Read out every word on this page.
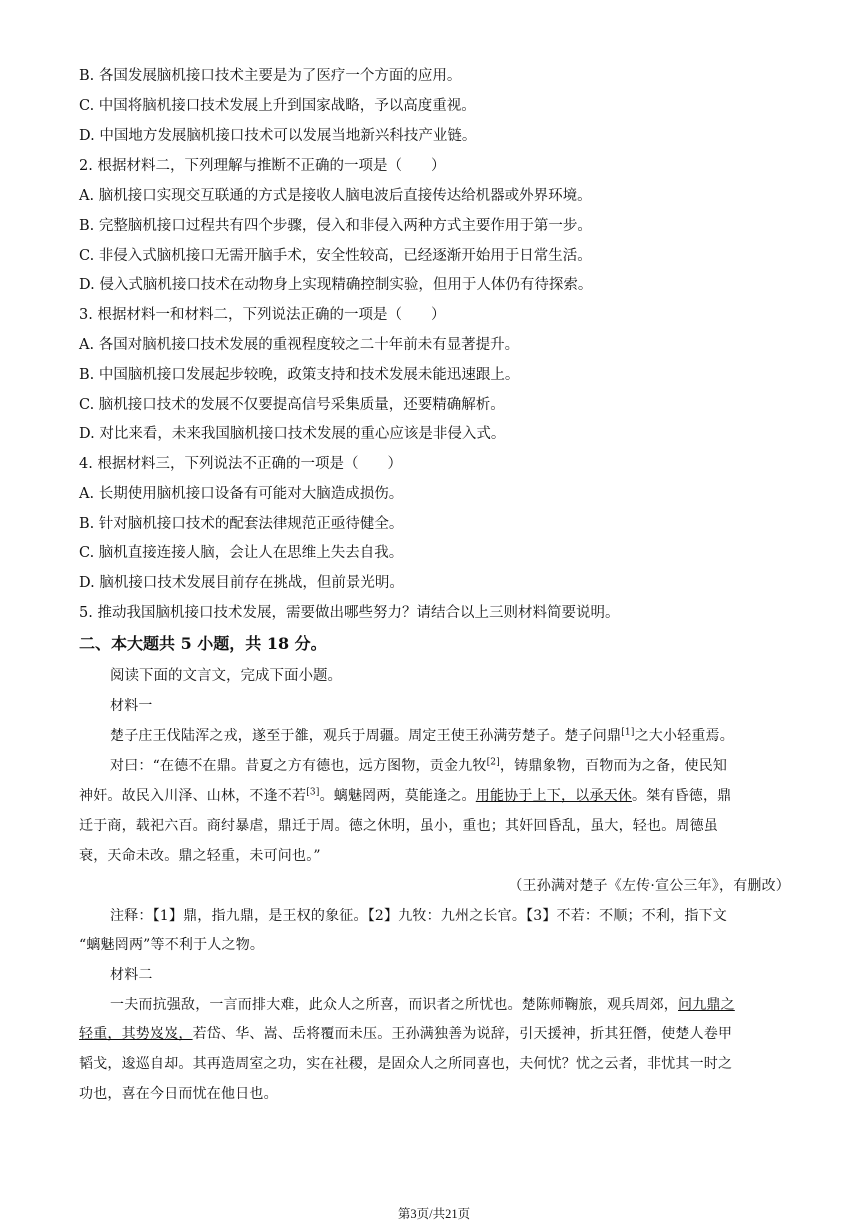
B. 各国发展脑机接口技术主要是为了医疗一个方面的应用。
C. 中国将脑机接口技术发展上升到国家战略，予以高度重视。
D. 中国地方发展脑机接口技术可以发展当地新兴科技产业链。
2. 根据材料二，下列理解与推断不正确的一项是（　　）
A. 脑机接口实现交互联通的方式是接收人脑电波后直接传达给机器或外界环境。
B. 完整脑机接口过程共有四个步骤，侵入和非侵入两种方式主要作用于第一步。
C. 非侵入式脑机接口无需开脑手术，安全性较高，已经逐渐开始用于日常生活。
D. 侵入式脑机接口技术在动物身上实现精确控制实验，但用于人体仍有待探索。
3. 根据材料一和材料二，下列说法正确的一项是（　　）
A. 各国对脑机接口技术发展的重视程度较之二十年前未有显著提升。
B. 中国脑机接口发展起步较晚，政策支持和技术发展未能迅速跟上。
C. 脑机接口技术的发展不仅要提高信号采集质量，还要精确解析。
D. 对比来看，未来我国脑机接口技术发展的重心应该是非侵入式。
4. 根据材料三，下列说法不正确的一项是（　　）
A. 长期使用脑机接口设备有可能对大脑造成损伤。
B. 针对脑机接口技术的配套法律规范正亟待健全。
C. 脑机直接连接人脑，会让人在思维上失去自我。
D. 脑机接口技术发展目前存在挑战，但前景光明。
5. 推动我国脑机接口技术发展，需要做出哪些努力？请结合以上三则材料简要说明。
二、本大题共 5 小题，共 18 分。
阅读下面的文言文，完成下面小题。
材料一
楚子庄王伐陆浑之戎，遂至于雒，观兵于周疆。周定王使王孙满劳楚子。楚子问鼎[1]之大小轻重焉。
对曰：“在德不在鼎。昔夏之方有德也，远方图物，贡金九牧[2]，铸鼎象物，百物而为之备，使民知
神奸。故民入川泽、山林，不逢不若[3]。螭魅罔两，莫能逢之。用能协于上下，以承天休。桀有昏德，鼎
迁于商，载祀六百。商纣暴虐，鼎迁于周。德之休明，虽小，重也；其奸回昏乱，虽大，轻也。周德虽
衰，天命未改。鼎之轻重，未可问也。”
（王孙满对楚子《左传·宣公三年》，有删改）
注释：【1】鼎，指九鼎，是王权的象征。【2】九牧：九州之长官。【3】不若：不顺；不利，指下文
“螭魅罔两”等不利于人之物。
材料二
一夫而抗强敌，一言而排大难，此众人之所喜，而识者之所忧也。楚陈师鞠旅，观兵周郊，问九鼎之
轻重，其势岌岌，若岱、华、嵩、岳将覆而未压。王孙满独善为说辞，引天援神，折其狂僭，使楚人卷甲
韬戈，逡巡自却。其再造周室之功，实在社稷，是固众人之所同喜也，夫何忧？忧之云者，非忧其一时之
功也，喜在今日而忧在他日也。
第3页/共21页
